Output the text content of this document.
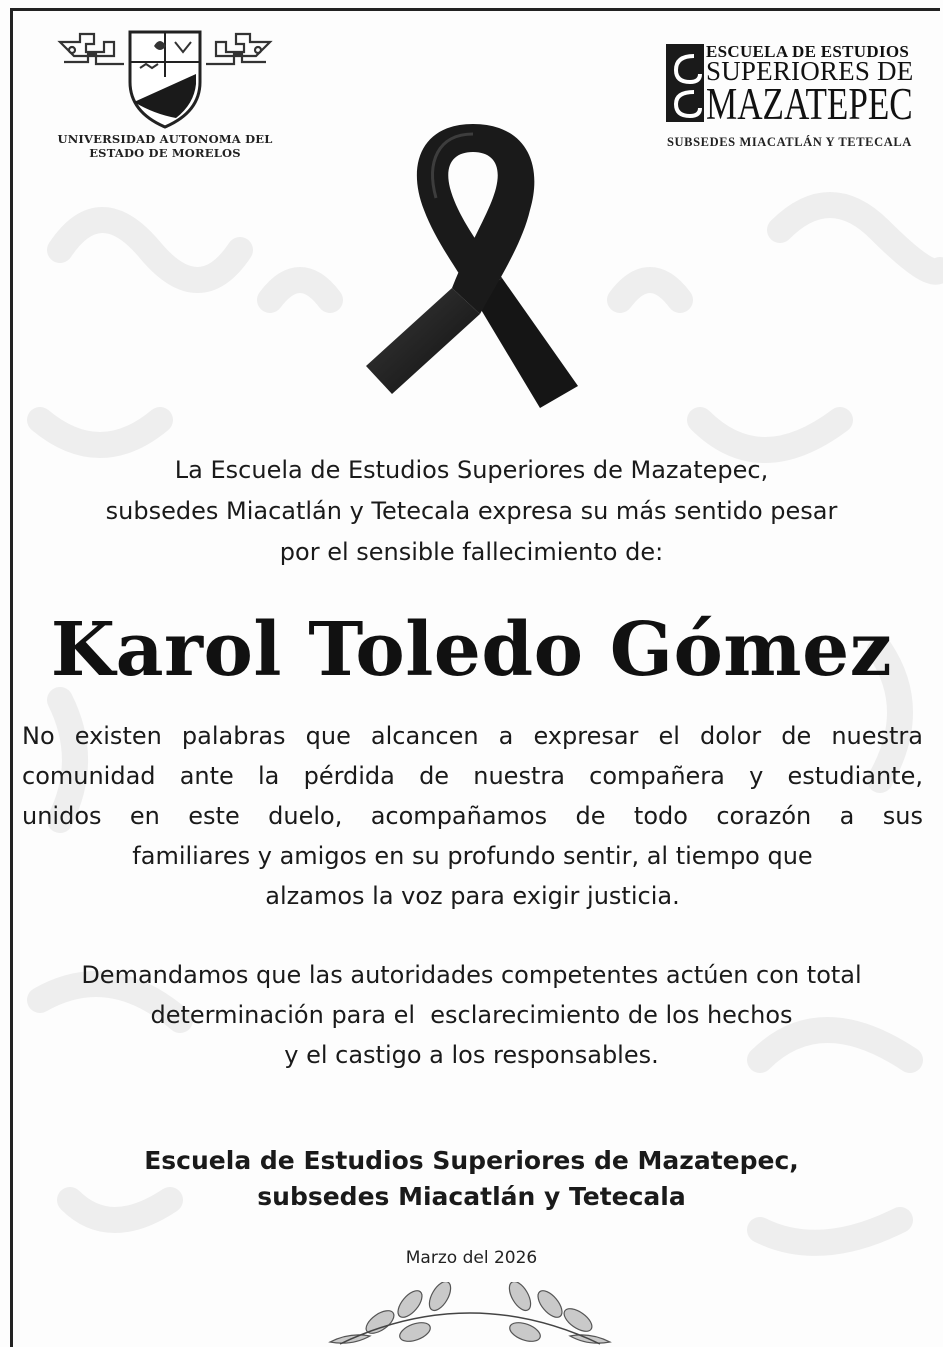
UNIVERSIDAD AUTONOMA DEL
ESTADO DE MORELOS
ESCUELA DE ESTUDIOS
SUPERIORES DE
MAZATEPEC
SUBSEDES MIACATLÁN Y TETECALA
La Escuela de Estudios Superiores de Mazatepec,
subsedes Miacatlán y Tetecala expresa su más sentido pesar
por el sensible fallecimiento de:
Karol Toledo Gómez
No existen palabras que alcancen a expresar el dolor de nuestra
comunidad ante la pérdida de nuestra compañera y estudiante,
unidos en este duelo, acompañamos de todo corazón a sus
familiares y amigos en su profundo sentir, al tiempo que
alzamos la voz para exigir justicia.
Demandamos que las autoridades competentes actúen con total
determinación para el  esclarecimiento de los hechos
y el castigo a los responsables.
Escuela de Estudios Superiores de Mazatepec,
subsedes Miacatlán y Tetecala
Marzo del 2026
